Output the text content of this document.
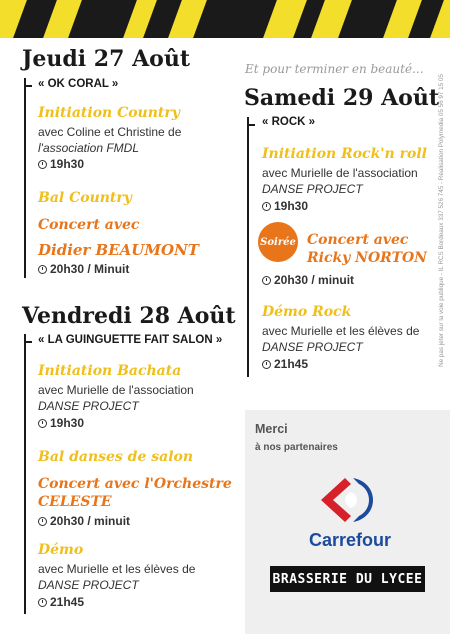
Jeudi 27 Août
« OK CORAL »
Initiation Country
avec Coline et Christine de
l'association FMDL
19h30
Bal Country
Concert avec
Didier BEAUMONT
20h30 / Minuit
Vendredi 28 Août
« LA GUINGUETTE FAIT SALON »
Initiation Bachata
avec Murielle de l'association
DANSE PROJECT
19h30
Bal danses de salon
Concert avec l'Orchestre
CELESTE
20h30 / minuit
Démo
avec Murielle et les élèves de
DANSE PROJECT
21h45
Et pour terminer en beauté...
Samedi 29 Août
« ROCK »
Initiation Rock'n roll
avec Murielle de l'association
DANSE PROJECT
19h30
Soirée Concert avec
Ricky NORTON
20h30 / minuit
Démo Rock
avec Murielle et les élèves de
DANSE PROJECT
21h45	Ne pas jeter sur la voie publique - IL RCS Bordeaux 337 526 745 - Réalisation Polymedia 05 56 97 15 05
Merci
à nos partenaires
Carrefour
BRASSERIE DU LYCEE
